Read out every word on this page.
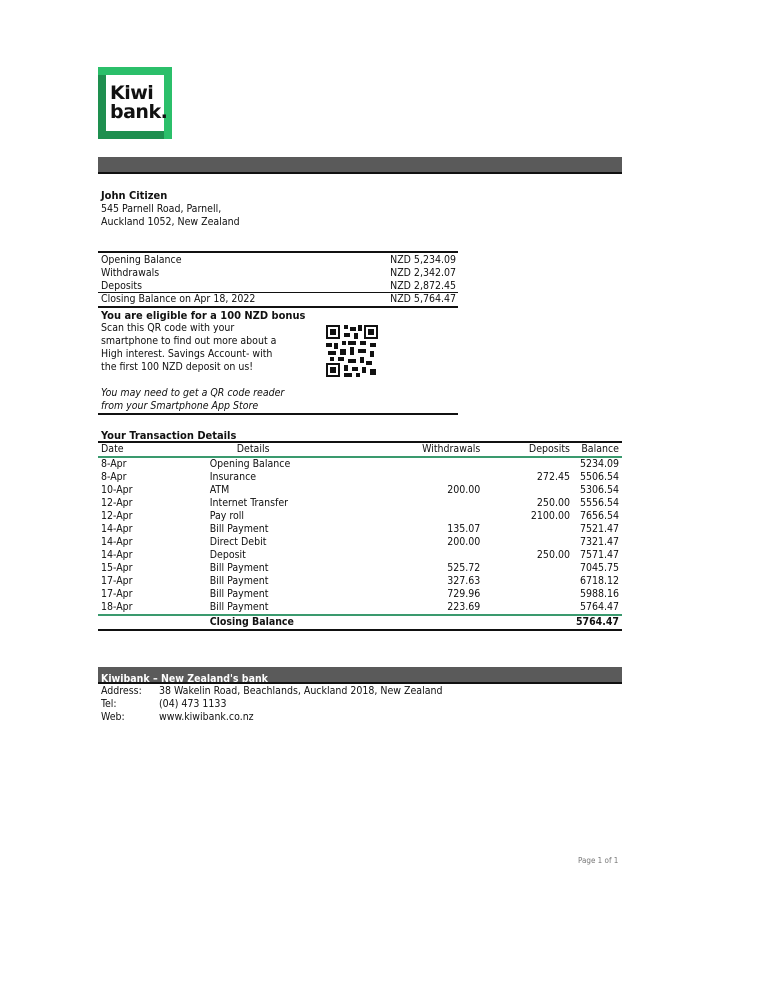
Kiwi
bank.
John Citizen
545 Parnell Road, Parnell,
Auckland 1052, New Zealand
Opening Balance	NZD 5,234.09
Withdrawals	NZD 2,342.07
Deposits	NZD 2,872.45
Closing Balance on Apr 18, 2022	NZD 5,764.47
You are eligible for a 100 NZD bonus
Scan this QR code with your
smartphone to find out more about a
High interest. Savings Account- with
the first 100 NZD deposit on us!
You may need to get a QR code reader
from your Smartphone App Store
Your Transaction Details
Date	Details	Withdrawals	Deposits	Balance
8-Apr	Opening Balance			5234.09
8-Apr	Insurance		272.45	5506.54
10-Apr	ATM	200.00		5306.54
12-Apr	Internet Transfer		250.00	5556.54
12-Apr	Pay roll		2100.00	7656.54
14-Apr	Bill Payment	135.07		7521.47
14-Apr	Direct Debit	200.00		7321.47
14-Apr	Deposit		250.00	7571.47
15-Apr	Bill Payment	525.72		7045.75
17-Apr	Bill Payment	327.63		6718.12
17-Apr	Bill Payment	729.96		5988.16
18-Apr	Bill Payment	223.69		5764.47
	Closing Balance			5764.47
Kiwibank – New Zealand's bank
Address: 38 Wakelin Road, Beachlands, Auckland 2018, New Zealand
Tel:	(04) 473 1133
Web:	www.kiwibank.co.nz
Page 1 of 1
